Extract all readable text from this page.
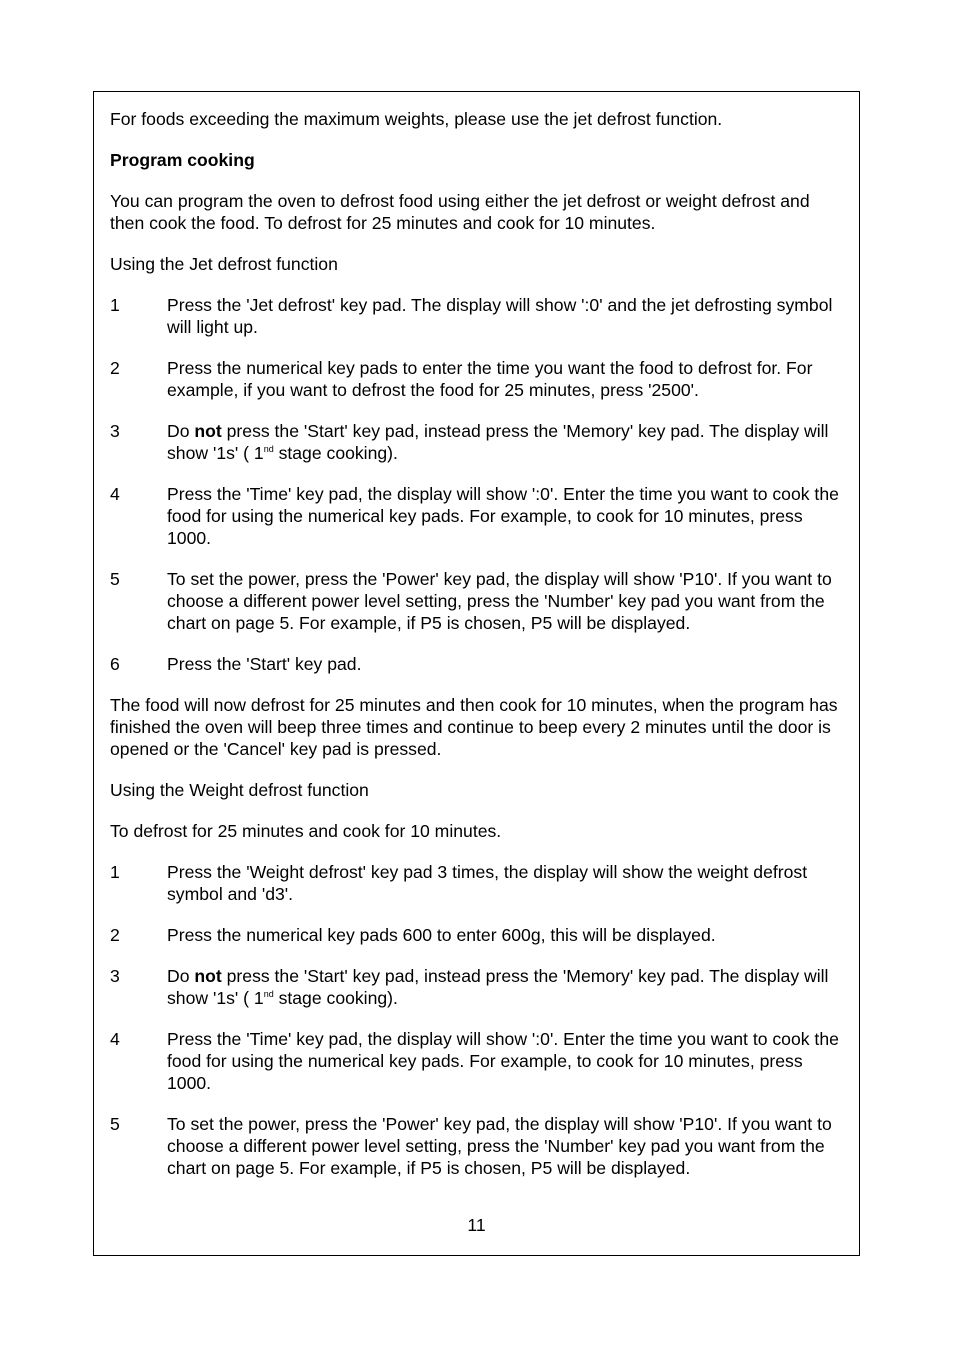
For foods exceeding the maximum weights, please use the jet defrost function.

Program cooking

You can program the oven to defrost food using either the jet defrost or weight defrost and then cook the food. To defrost for 25 minutes and cook for 10 minutes.

Using the Jet defrost function

1	Press the 'Jet defrost' key pad. The display will show ':0' and the jet defrosting symbol will light up.
2	Press the numerical key pads to enter the time you want the food to defrost for. For example, if you want to defrost the food for 25 minutes, press '2500'.
3	Do not press the 'Start' key pad, instead press the 'Memory' key pad. The display will show '1s' ( 1nd stage cooking).
4	Press the 'Time' key pad, the display will show ':0'. Enter the time you want to cook the food for using the numerical key pads. For example, to cook for 10 minutes, press 1000.
5	To set the power, press the 'Power' key pad, the display will show 'P10'. If you want to choose a different power level setting, press the 'Number' key pad you want from the chart on page 5. For example, if P5 is chosen, P5 will be displayed.
6	Press the 'Start' key pad.

The food will now defrost for 25 minutes and then cook for 10 minutes, when the program has finished the oven will beep three times and continue to beep every 2 minutes until the door is opened or the 'Cancel' key pad is pressed.

Using the Weight defrost function

To defrost for 25 minutes and cook for 10 minutes.

1	Press the 'Weight defrost' key pad 3 times, the display will show the weight defrost symbol and 'd3'.
2	Press the numerical key pads 600 to enter 600g, this will be displayed.
3	Do not press the 'Start' key pad, instead press the 'Memory' key pad. The display will show '1s' ( 1nd stage cooking).
4	Press the 'Time' key pad, the display will show ':0'. Enter the time you want to cook the food for using the numerical key pads. For example, to cook for 10 minutes, press 1000.
5	To set the power, press the 'Power' key pad, the display will show 'P10'. If you want to choose a different power level setting, press the 'Number' key pad you want from the chart on page 5. For example, if P5 is chosen, P5 will be displayed.
11
